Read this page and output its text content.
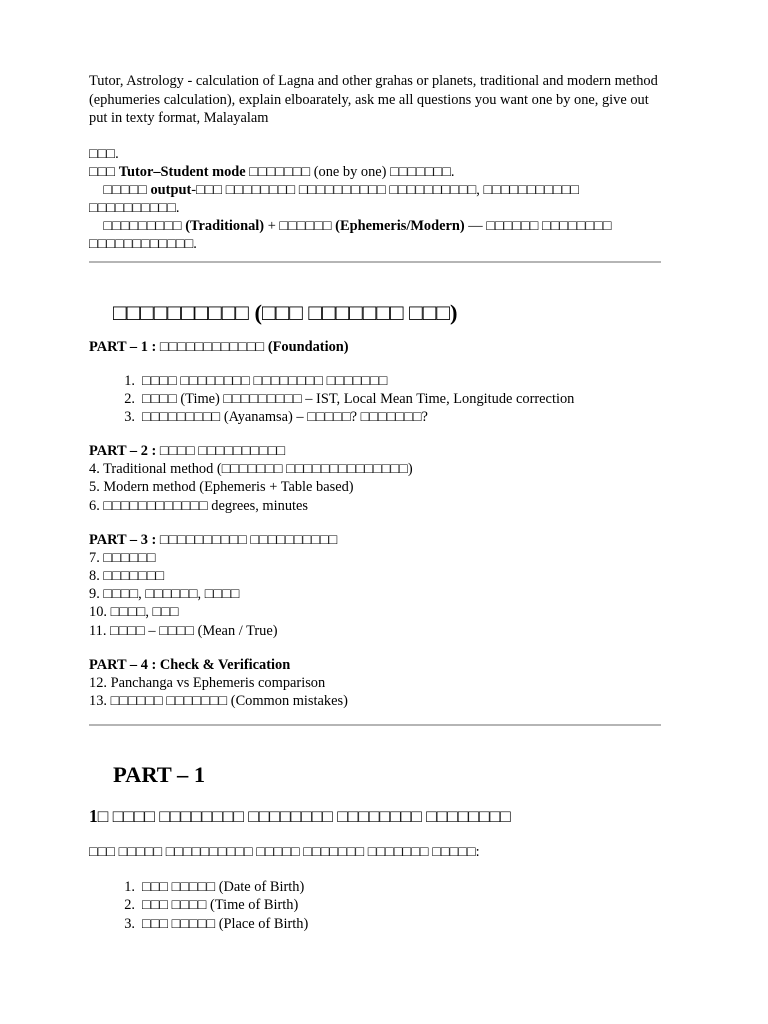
Tutor, Astrology - calculation of Lagna and other grahas or planets, traditional and modern method (ephumeries calculation), explain elboarately, ask me all questions you want one by one, give out put in texty format, Malayalam

□□□.

□□□ Tutor–Student mode □□□□□□□ (one by one) □□□□□□□.

□□□□□ output-□□□ □□□□□□□□ □□□□□□□□□□ □□□□□□□□□□, □□□□□□□□□□□ □□□□□□□□□□.

□□□□□□□□□ (Traditional) + □□□□□□ (Ephemeris/Modern) — □□□□□□ □□□□□□□□ □□□□□□□□□□□□.

□□□□□□□□□□ (□□□ □□□□□□□ □□□)

PART – 1 : □□□□□□□□□□□□ (Foundation)

1. □□□□ □□□□□□□□ □□□□□□□□ □□□□□□□
2. □□□□ (Time) □□□□□□□□□ – IST, Local Mean Time, Longitude correction
3. □□□□□□□□□ (Ayanamsa) – □□□□□? □□□□□□□?

PART – 2 : □□□□ □□□□□□□□□□

4. Traditional method (□□□□□□□ □□□□□□□□□□□□□□)
5. Modern method (Ephemeris + Table based)
6. □□□□□□□□□□□□ degrees, minutes

PART – 3 : □□□□□□□□□□ □□□□□□□□□□

7. □□□□□□
8. □□□□□□□
9. □□□□, □□□□□□, □□□□
10. □□□□, □□□
11. □□□□ – □□□□ (Mean / True)

PART – 4 : Check & Verification

12. Panchanga vs Ephemeris comparison
13. □□□□□□ □□□□□□□ (Common mistakes)
PART – 1
1□ □□□□ □□□□□□□□ □□□□□□□□ □□□□□□□□ □□□□□□□□

□□□ □□□□□ □□□□□□□□□□ □□□□□ □□□□□□□ □□□□□□□ □□□□□:

1. □□□ □□□□□ (Date of Birth)
2. □□□ □□□□ (Time of Birth)
3. □□□ □□□□□ (Place of Birth)
